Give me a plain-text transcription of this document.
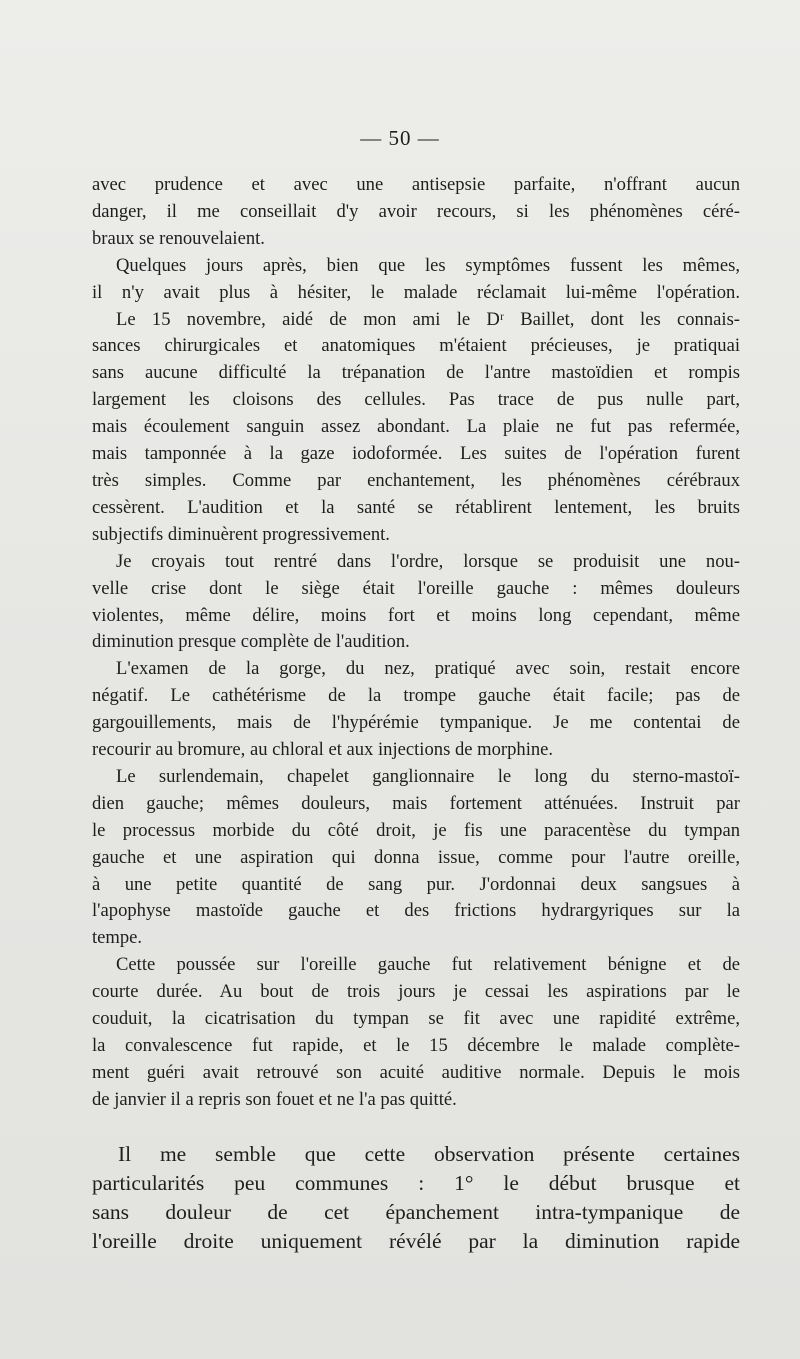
— 50 —

avec prudence et avec une antisepsie parfaite, n'offrant aucun
danger, il me conseillait d'y avoir recours, si les phénomènes céré-
braux se renouvelaient.

Quelques jours après, bien que les symptômes fussent les mêmes,
il n'y avait plus à hésiter, le malade réclamait lui-même l'opération.

Le 15 novembre, aidé de mon ami le Dʳ Baillet, dont les connais-
sances chirurgicales et anatomiques m'étaient précieuses, je pratiquai
sans aucune difficulté la trépanation de l'antre mastoïdien et rompis
largement les cloisons des cellules. Pas trace de pus nulle part,
mais écoulement sanguin assez abondant. La plaie ne fut pas refermée,
mais tamponnée à la gaze iodoformée. Les suites de l'opération furent
très simples. Comme par enchantement, les phénomènes cérébraux
cessèrent. L'audition et la santé se rétablirent lentement, les bruits
subjectifs diminuèrent progressivement.

Je croyais tout rentré dans l'ordre, lorsque se produisit une nou-
velle crise dont le siège était l'oreille gauche : mêmes douleurs
violentes, même délire, moins fort et moins long cependant, même
diminution presque complète de l'audition.

L'examen de la gorge, du nez, pratiqué avec soin, restait encore
négatif. Le cathétérisme de la trompe gauche était facile; pas de
gargouillements, mais de l'hypérémie tympanique. Je me contentai de
recourir au bromure, au chloral et aux injections de morphine.

Le surlendemain, chapelet ganglionnaire le long du sterno-mastoï-
dien gauche; mêmes douleurs, mais fortement atténuées. Instruit par
le processus morbide du côté droit, je fis une paracentèse du tympan
gauche et une aspiration qui donna issue, comme pour l'autre oreille,
à une petite quantité de sang pur. J'ordonnai deux sangsues à
l'apophyse mastoïde gauche et des frictions hydrargyriques sur la
tempe.

Cette poussée sur l'oreille gauche fut relativement bénigne et de
courte durée. Au bout de trois jours je cessai les aspirations par le
couduit, la cicatrisation du tympan se fit avec une rapidité extrême,
la convalescence fut rapide, et le 15 décembre le malade complète-
ment guéri avait retrouvé son acuité auditive normale. Depuis le mois
de janvier il a repris son fouet et ne l'a pas quitté.

Il me semble que cette observation présente certaines
particularités peu communes : 1° le début brusque et
sans douleur de cet épanchement intra-tympanique de
l'oreille droite uniquement révélé par la diminution rapide
